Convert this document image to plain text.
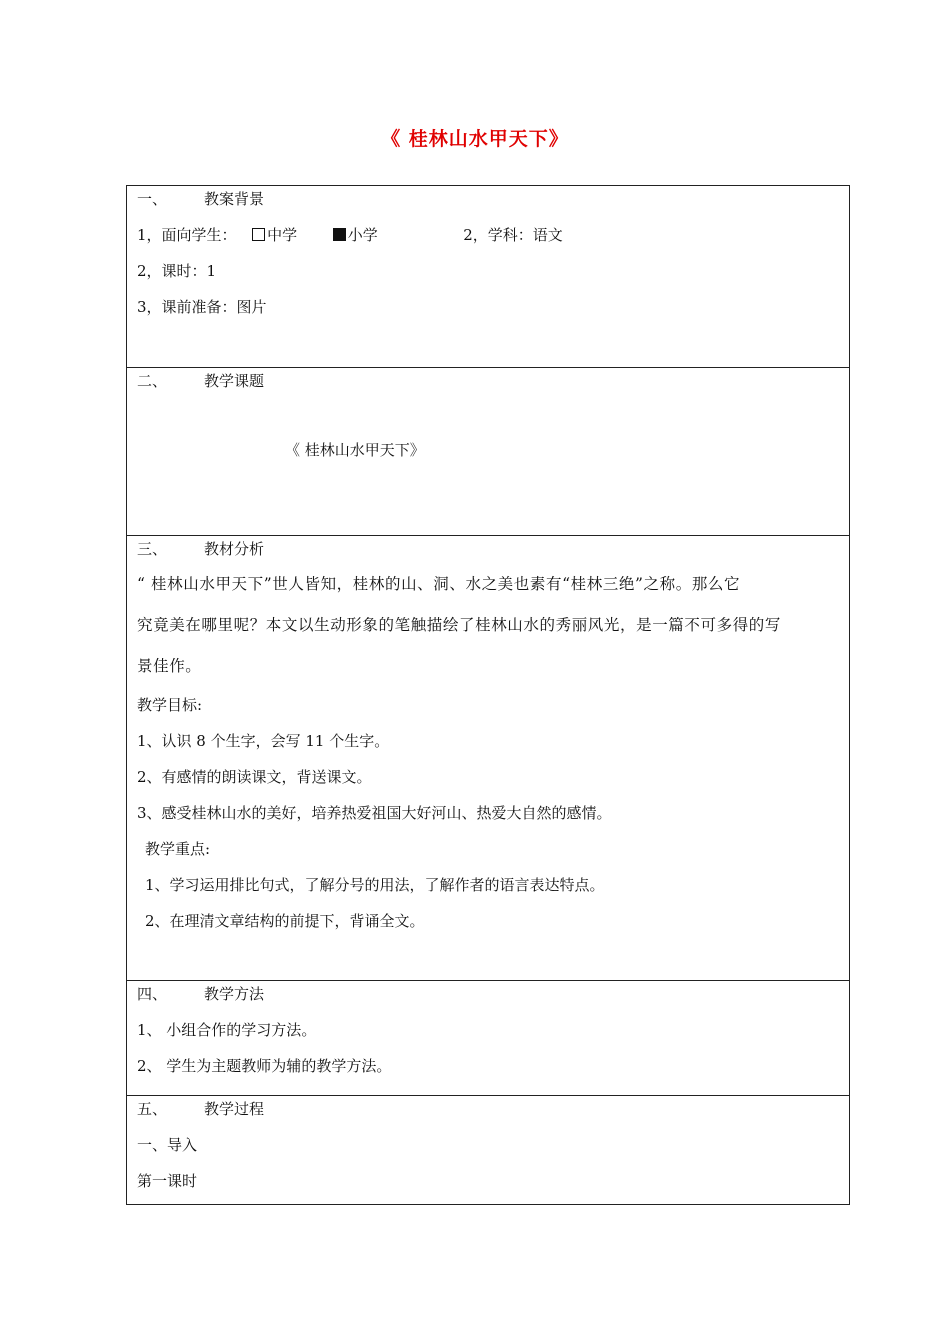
《 桂林山水甲天下》
一、 教案背景
1，面向学生： 中学	小学	2，学科：语文
2，课时：1
3，课前准备：图片
二、 教学课题
《 桂林山水甲天下》
三、 教材分析
“ 桂林山水甲天下”世人皆知，桂林的山、洞、水之美也素有“桂林三绝”之称。那么它
究竟美在哪里呢？本文以生动形象的笔触描绘了桂林山水的秀丽风光，是一篇不可多得的写
景佳作。
教学目标:
1、认识 8 个生字，会写 11 个生字。
2、有感情的朗读课文，背送课文。
3、感受桂林山水的美好，培养热爱祖国大好河山、热爱大自然的感情。
教学重点:
1、学习运用排比句式，了解分号的用法，了解作者的语言表达特点。
2、在理清文章结构的前提下，背诵全文。
四、 教学方法
1、 小组合作的学习方法。
2、 学生为主题教师为辅的教学方法。
五、 教学过程
一、导入
第一课时
